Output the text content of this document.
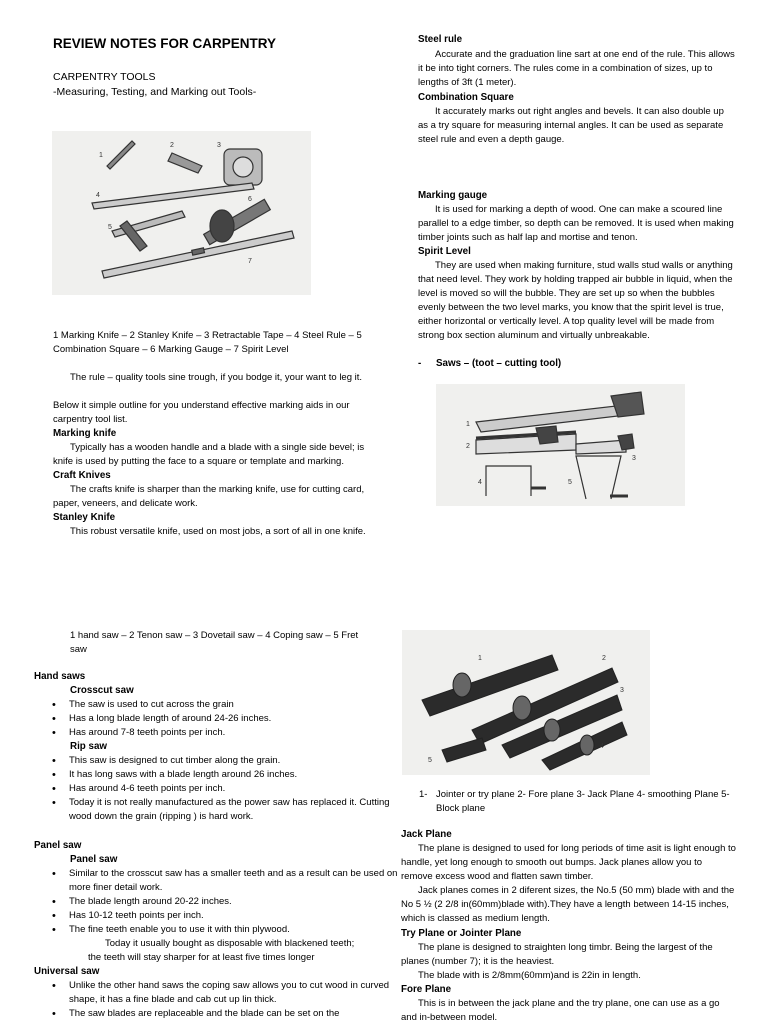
REVIEW NOTES FOR CARPENTRY
CARPENTRY TOOLS
-Measuring, Testing, and Marking out Tools-
1
2	3
4
5
6
7
1 Marking Knife – 2 Stanley Knife – 3 Retractable Tape – 4 Steel Rule – 5 Combination Square – 6 Marking Gauge – 7 Spirit Level
The rule – quality tools sine trough, if you bodge it, your want to leg it.
Below it simple outline for you understand effective marking aids in our carpentry tool list.
Marking knife
Typically has a wooden handle and a blade with a single side bevel; is knife is used by putting the face to a square or template and marking.
Craft Knives
The crafts knife is sharper than the marking knife, use for cutting card, paper, veneers, and delicate work.
Stanley Knife
This robust versatile knife, used on most jobs, a sort of all in one knife.
1 hand saw – 2 Tenon saw – 3 Dovetail saw – 4 Coping saw – 5 Fret saw
Hand saws
Crosscut saw
• The saw is used to cut across the grain
• Has a long blade length of around 24-26 inches.
• Has around 7-8 teeth points per inch.
Rip saw
• This saw is designed to cut timber along the grain.
• It has long saws with a blade length around 26 inches.
• Has around 4-6 teeth points per inch.
• Today it is not really manufactured as the power saw has replaced it. Cutting wood down the grain (ripping ) is hard work.
Panel saw
Panel saw
• Similar to the crosscut saw has a smaller teeth and as a result can be used on more finer detail work.
• The blade length around 20-22 inches.
• Has 10-12 teeth points per inch.
• The fine teeth enable you to use it with thin plywood.
Today it usually bought as disposable with blackened teeth; the teeth will stay sharper for at least five times longer
Universal saw
• Unlike the other hand saws the coping saw allows you to cut wood in curved shape, it has a fine blade and cab cut up lin thick.
• The saw blades are replaceable and the blade can be set on the
Steel rule
Accurate and the graduation line sart at one end of the rule. This allows it be into tight corners. The rules come in a combination of sizes, up to lengths of 3ft (1 meter).
Combination Square
It accurately marks out right angles and bevels. It can also double up as a try square for measuring internal angles. It can be used as separate steel rule and even a depth gauge.
Marking gauge
It is used for marking a depth of wood. One can make a scoured line parallel to a edge timber, so depth can be removed. It is used when making timber joints such as half lap and mortise and tenon.
Spirit Level
They are used when making furniture, stud walls stud walls or anything that need level. They work by holding trapped air bubble in liquid, when the level is moved so will the bubble. They are set up so when the bubbles evenly between the two level marks, you know that the spirit level is true, either horizontal or vertically level. A top quality level will be made from strong box section aluminum and virtually unbreakable.
- Saws – (toot – cutting tool)
1
2
3
4	5
1	2
3
4
5
1- Jointer or try plane 2- Fore plane 3- Jack Plane 4- smoothing Plane 5- Block plane
Jack Plane
The plane is designed to used for long periods of time asit is light enough to handle, yet long enough to smooth out bumps. Jack planes allow you to remove excess wood and flatten sawn timber.
Jack planes comes in 2 diferent sizes, the No.5 (50 mm) blade with and the No 5 ½ (2 2/8 in(60mm)blade with).They have a length between 14-15 inches, which is classed as medium length.
Try Plane or Jointer Plane
The plane is designed to straighten long timbr. Being the largest of the planes (number 7); it is the heaviest.
The blade with is 2/8mm(60mm)and is 22in in length.
Fore Plane
This is in between the jack plane and the try plane, one can use as a go and in-between model.
